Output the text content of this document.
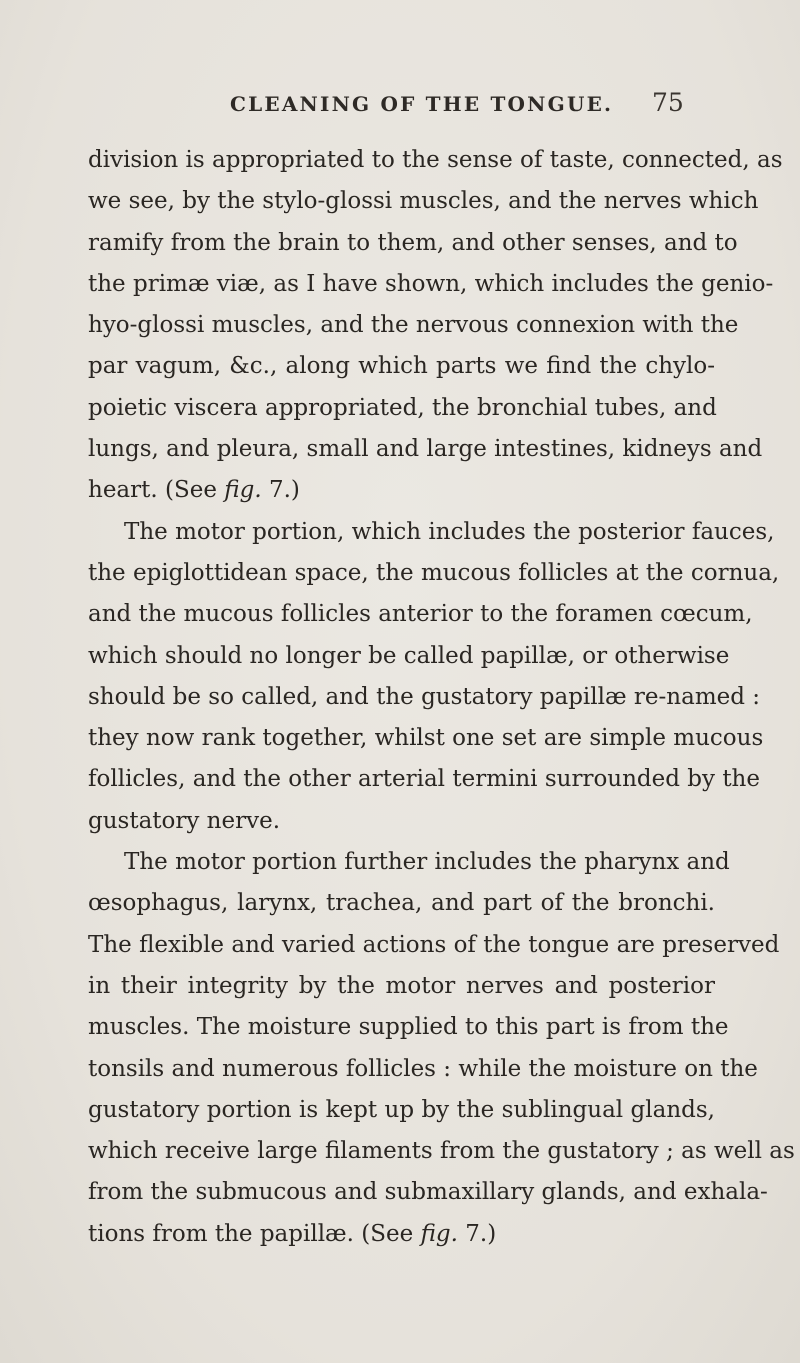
CLEANING OF THE TONGUE. 75
division is appropriated to the sense of taste, connected, as
we see, by the stylo-glossi muscles, and the nerves which
ramify from the brain to them, and other senses, and to
the primæ viæ, as I have shown, which includes the genio-
hyo-glossi muscles, and the nervous connexion with the
par vagum, &c., along which parts we find the chylo-
poietic viscera appropriated, the bronchial tubes, and
lungs, and pleura, small and large intestines, kidneys and
heart. (See fig. 7.)
The motor portion, which includes the posterior fauces,
the epiglottidean space, the mucous follicles at the cornua,
and the mucous follicles anterior to the foramen cœcum,
which should no longer be called papillæ, or otherwise
should be so called, and the gustatory papillæ re-named :
they now rank together, whilst one set are simple mucous
follicles, and the other arterial termini surrounded by the
gustatory nerve.
The motor portion further includes the pharynx and
œsophagus, larynx, trachea, and part of the bronchi.
The flexible and varied actions of the tongue are preserved
in their integrity by the motor nerves and posterior
muscles. The moisture supplied to this part is from the
tonsils and numerous follicles : while the moisture on the
gustatory portion is kept up by the sublingual glands,
which receive large filaments from the gustatory ; as well as
from the submucous and submaxillary glands, and exhala-
tions from the papillæ. (See fig. 7.)
